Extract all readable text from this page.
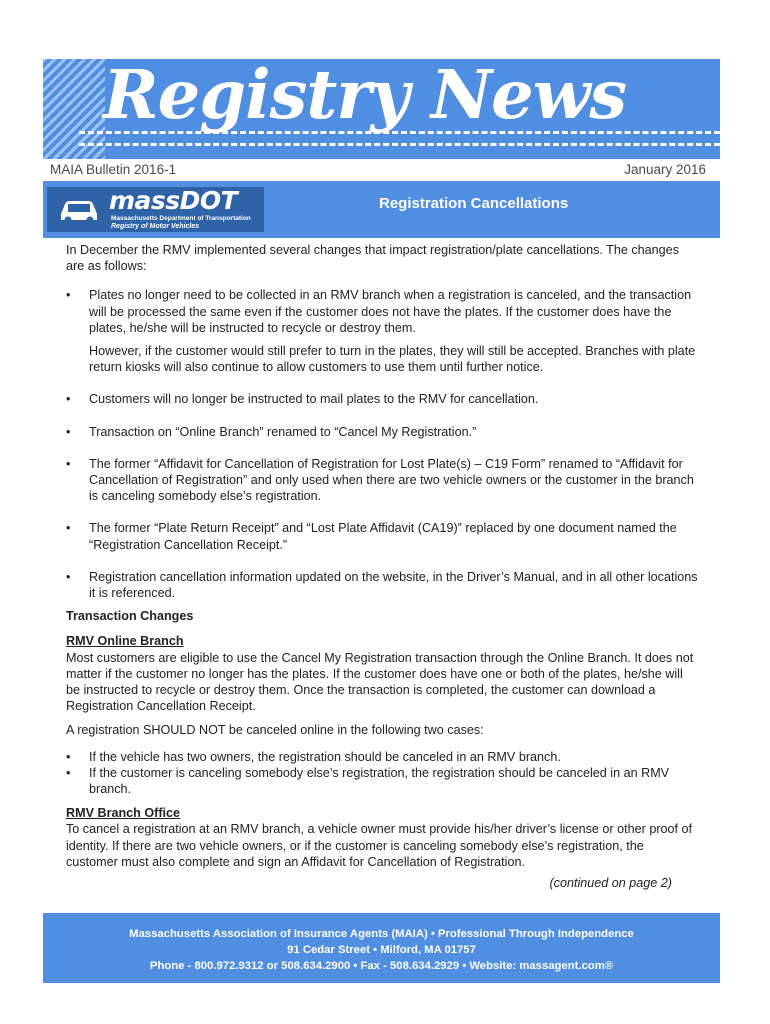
Registry News
MAIA Bulletin 2016-1	January 2016
massDOT
Massachusetts Department of Transportation
Registry of Motor Vehicles
Registration Cancellations

In December the RMV implemented several changes that impact registration/plate cancellations. The changes are as follows:

• Plates no longer need to be collected in an RMV branch when a registration is canceled, and the transaction will be processed the same even if the customer does not have the plates. If the customer does have the plates, he/she will be instructed to recycle or destroy them.

However, if the customer would still prefer to turn in the plates, they will still be accepted. Branches with plate return kiosks will also continue to allow customers to use them until further notice.

• Customers will no longer be instructed to mail plates to the RMV for cancellation.

• Transaction on “Online Branch” renamed to “Cancel My Registration.”

• The former “Affidavit for Cancellation of Registration for Lost Plate(s) – C19 Form” renamed to “Affidavit for Cancellation of Registration” and only used when there are two vehicle owners or the customer in the branch is canceling somebody else’s registration.

• The former “Plate Return Receipt” and “Lost Plate Affidavit (CA19)” replaced by one document named the “Registration Cancellation Receipt.”

• Registration cancellation information updated on the website, in the Driver’s Manual, and in all other locations it is referenced.

Transaction Changes

RMV Online Branch

Most customers are eligible to use the Cancel My Registration transaction through the Online Branch. It does not matter if the customer no longer has the plates. If the customer does have one or both of the plates, he/she will be instructed to recycle or destroy them. Once the transaction is completed, the customer can download a Registration Cancellation Receipt.

A registration SHOULD NOT be canceled online in the following two cases:

• If the vehicle has two owners, the registration should be canceled in an RMV branch.

• If the customer is canceling somebody else’s registration, the registration should be canceled in an RMV branch.

RMV Branch Office

To cancel a registration at an RMV branch, a vehicle owner must provide his/her driver’s license or other proof of identity. If there are two vehicle owners, or if the customer is canceling somebody else’s registration, the customer must also complete and sign an Affidavit for Cancellation of Registration.

(continued on page 2)

Massachusetts Association of Insurance Agents (MAIA) • Professional Through Independence
91 Cedar Street • Milford, MA 01757
Phone - 800.972.9312 or 508.634.2900 • Fax - 508.634.2929 • Website: massagent.com®
